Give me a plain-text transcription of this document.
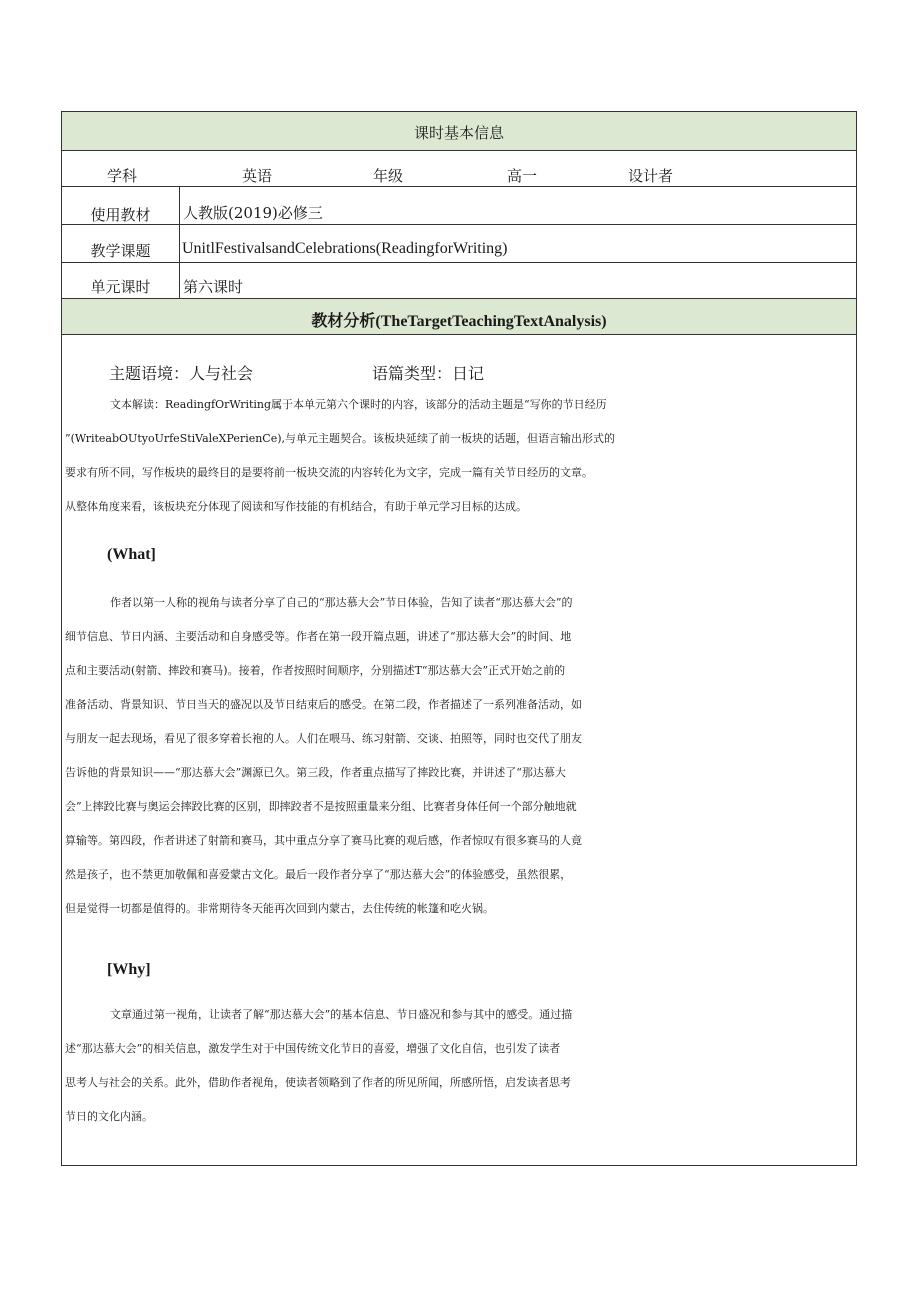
课时基本信息
学科	英语	年级	高一	设计者
使用教材	人教版(2019)必修三
教学课题	UnitlFestivalsandCelebrations(ReadingforWriting)
单元课时	第六课时
教材分析(TheTargetTeachingTextAnalysis)
主题语境：人与社会	语篇类型：日记
文本解读：ReadingfOrWriting属于本单元第六个课时的内容，该部分的活动主题是“写你的节日经历
”(WriteabOUtyoUrfeStiValeXPerienCe),与单元主题契合。该板块延续了前一板块的话题，但语言输出形式的
要求有所不同，写作板块的最终目的是要将前一板块交流的内容转化为文字，完成一篇有关节日经历的文章。
从整体角度来看，该板块充分体现了阅读和写作技能的有机结合，有助于单元学习目标的达成。
(What]
作者以第一人称的视角与读者分享了自己的“那达慕大会”节日体验，告知了读者“那达慕大会”的
细节信息、节日内涵、主要活动和自身感受等。作者在第一段开篇点题，讲述了“那达慕大会”的时间、地
点和主要活动(射箭、摔跤和赛马)。接着，作者按照时间顺序，分别描述T“那达慕大会”正式开始之前的
准备活动、背景知识、节日当天的盛况以及节日结束后的感受。在第二段，作者描述了一系列准备活动，如
与朋友一起去现场，看见了很多穿着长袍的人。人们在喂马、练习射箭、交谈、拍照等，同时也交代了朋友
告诉他的背景知识——“那达慕大会”渊源已久。第三段，作者重点描写了摔跤比赛，并讲述了“那达慕大
会”上摔跤比赛与奥运会摔跤比赛的区别，即摔跤者不是按照重量来分组、比赛者身体任何一个部分触地就
算输等。第四段，作者讲述了射箭和赛马，其中重点分享了赛马比赛的观后感，作者惊叹有很多赛马的人竟
然是孩子，也不禁更加敬佩和喜爱蒙古文化。最后一段作者分享了“那达慕大会”的体验感受，虽然很累，
但是觉得一切都是值得的。非常期待冬天能再次回到内蒙古，去住传统的帐篷和吃火锅。
[Why]
文章通过第一视角，让读者了解“那达慕大会”的基本信息、节日盛况和参与其中的感受。通过描
述“那达慕大会”的相关信息，激发学生对于中国传统文化节日的喜爱，增强了文化自信，也引发了读者
思考人与社会的关系。此外，借助作者视角，使读者领略到了作者的所见所闻，所感所悟，启发读者思考
节日的文化内涵。
